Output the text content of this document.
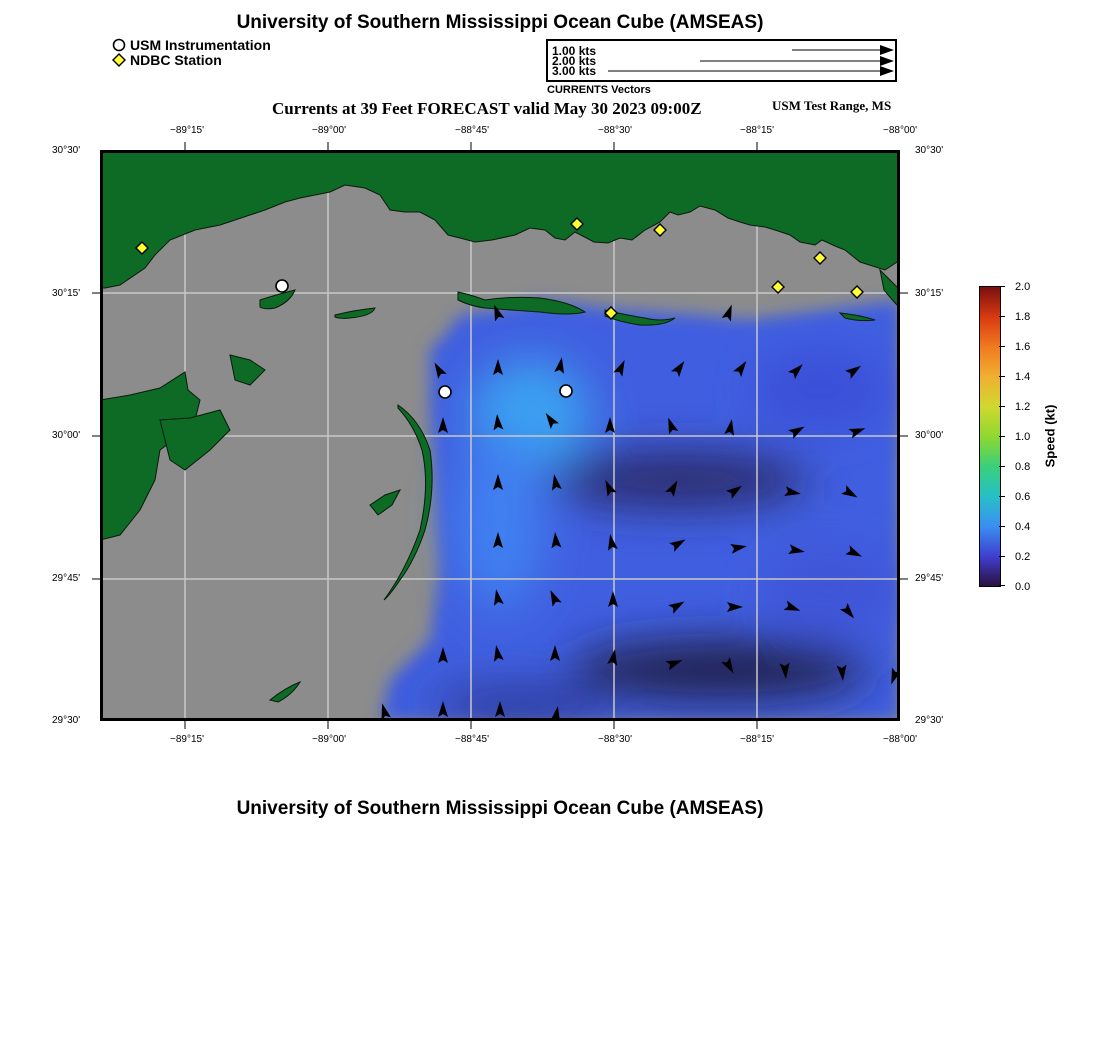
University of Southern Mississippi Ocean Cube (AMSEAS)
USM Instrumentation
NDBC Station
1.00 kts
2.00 kts
3.00 kts
CURRENTS Vectors
Currents at 39 Feet FORECAST valid May 30 2023 09:00Z	USM Test Range, MS
−89°15'	−89°00'	−88°45'	−88°30'	−88°15'	−88°00'
−89°15'	−89°00'	−88°45'	−88°30'	−88°15'	−88°00'
30°30'
30°15'
30°00'
29°45'
29°30'
30°30'
30°15'
30°00'
29°45'
29°30'
2.0
1.8
1.6
1.4
1.2
1.0
0.8
0.6
0.4
0.2
0.0
Speed (kt)
University of Southern Mississippi Ocean Cube (AMSEAS)
